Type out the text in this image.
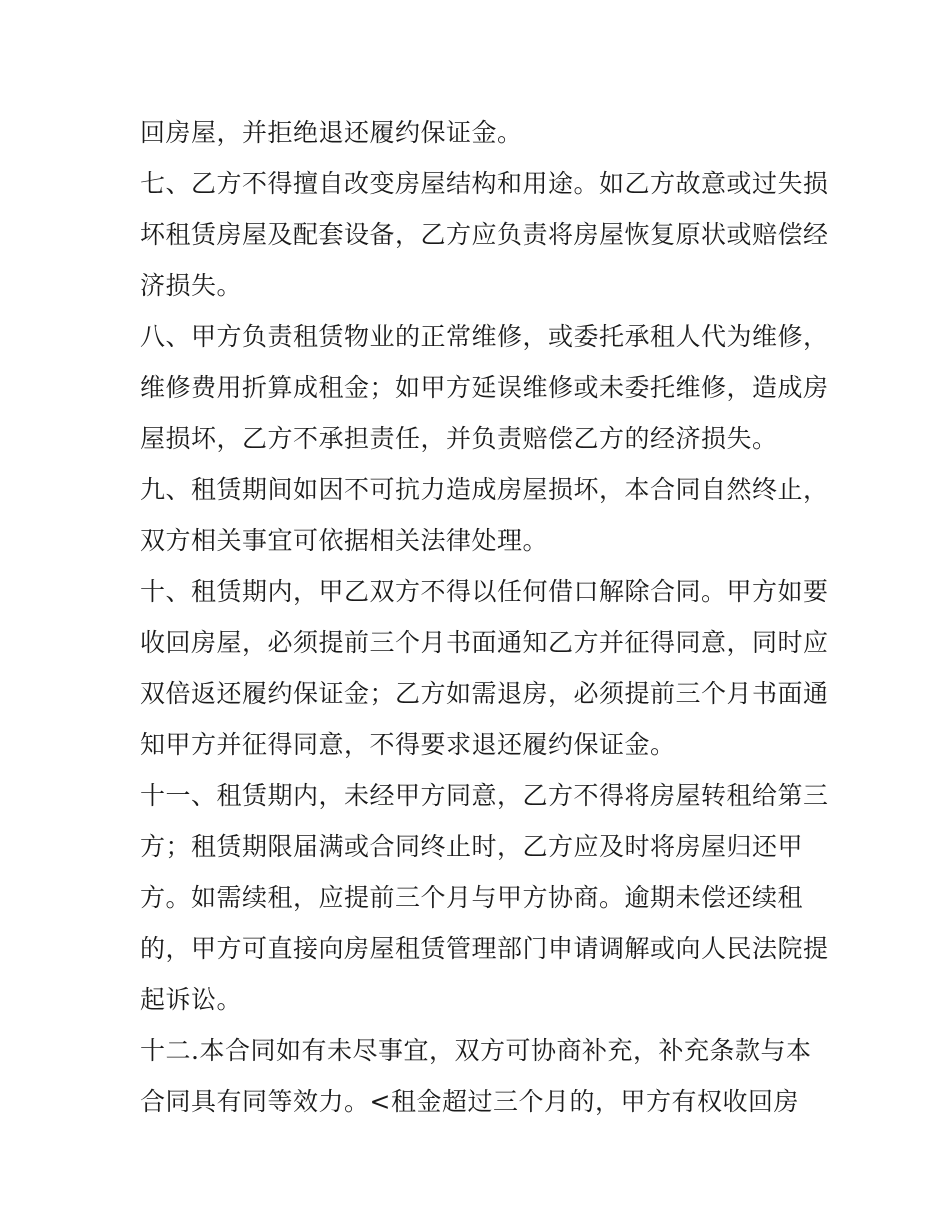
回房屋，并拒绝退还履约保证金。
七、乙方不得擅自改变房屋结构和用途。如乙方故意或过失损
坏租赁房屋及配套设备，乙方应负责将房屋恢复原状或赔偿经
济损失。
八、甲方负责租赁物业的正常维修，或委托承租人代为维修，
维修费用折算成租金；如甲方延误维修或未委托维修，造成房
屋损坏，乙方不承担责任，并负责赔偿乙方的经济损失。
九、租赁期间如因不可抗力造成房屋损坏，本合同自然终止，
双方相关事宜可依据相关法律处理。
十、租赁期内，甲乙双方不得以任何借口解除合同。甲方如要
收回房屋，必须提前三个月书面通知乙方并征得同意，同时应
双倍返还履约保证金；乙方如需退房，必须提前三个月书面通
知甲方并征得同意，不得要求退还履约保证金。
十一、租赁期内，未经甲方同意，乙方不得将房屋转租给第三
方；租赁期限届满或合同终止时，乙方应及时将房屋归还甲
方。如需续租，应提前三个月与甲方协商。逾期未偿还续租
的，甲方可直接向房屋租赁管理部门申请调解或向人民法院提
起诉讼。
十二.本合同如有未尽事宜，双方可协商补充，补充条款与本
合同具有同等效力。<租金超过三个月的，甲方有权收回房
